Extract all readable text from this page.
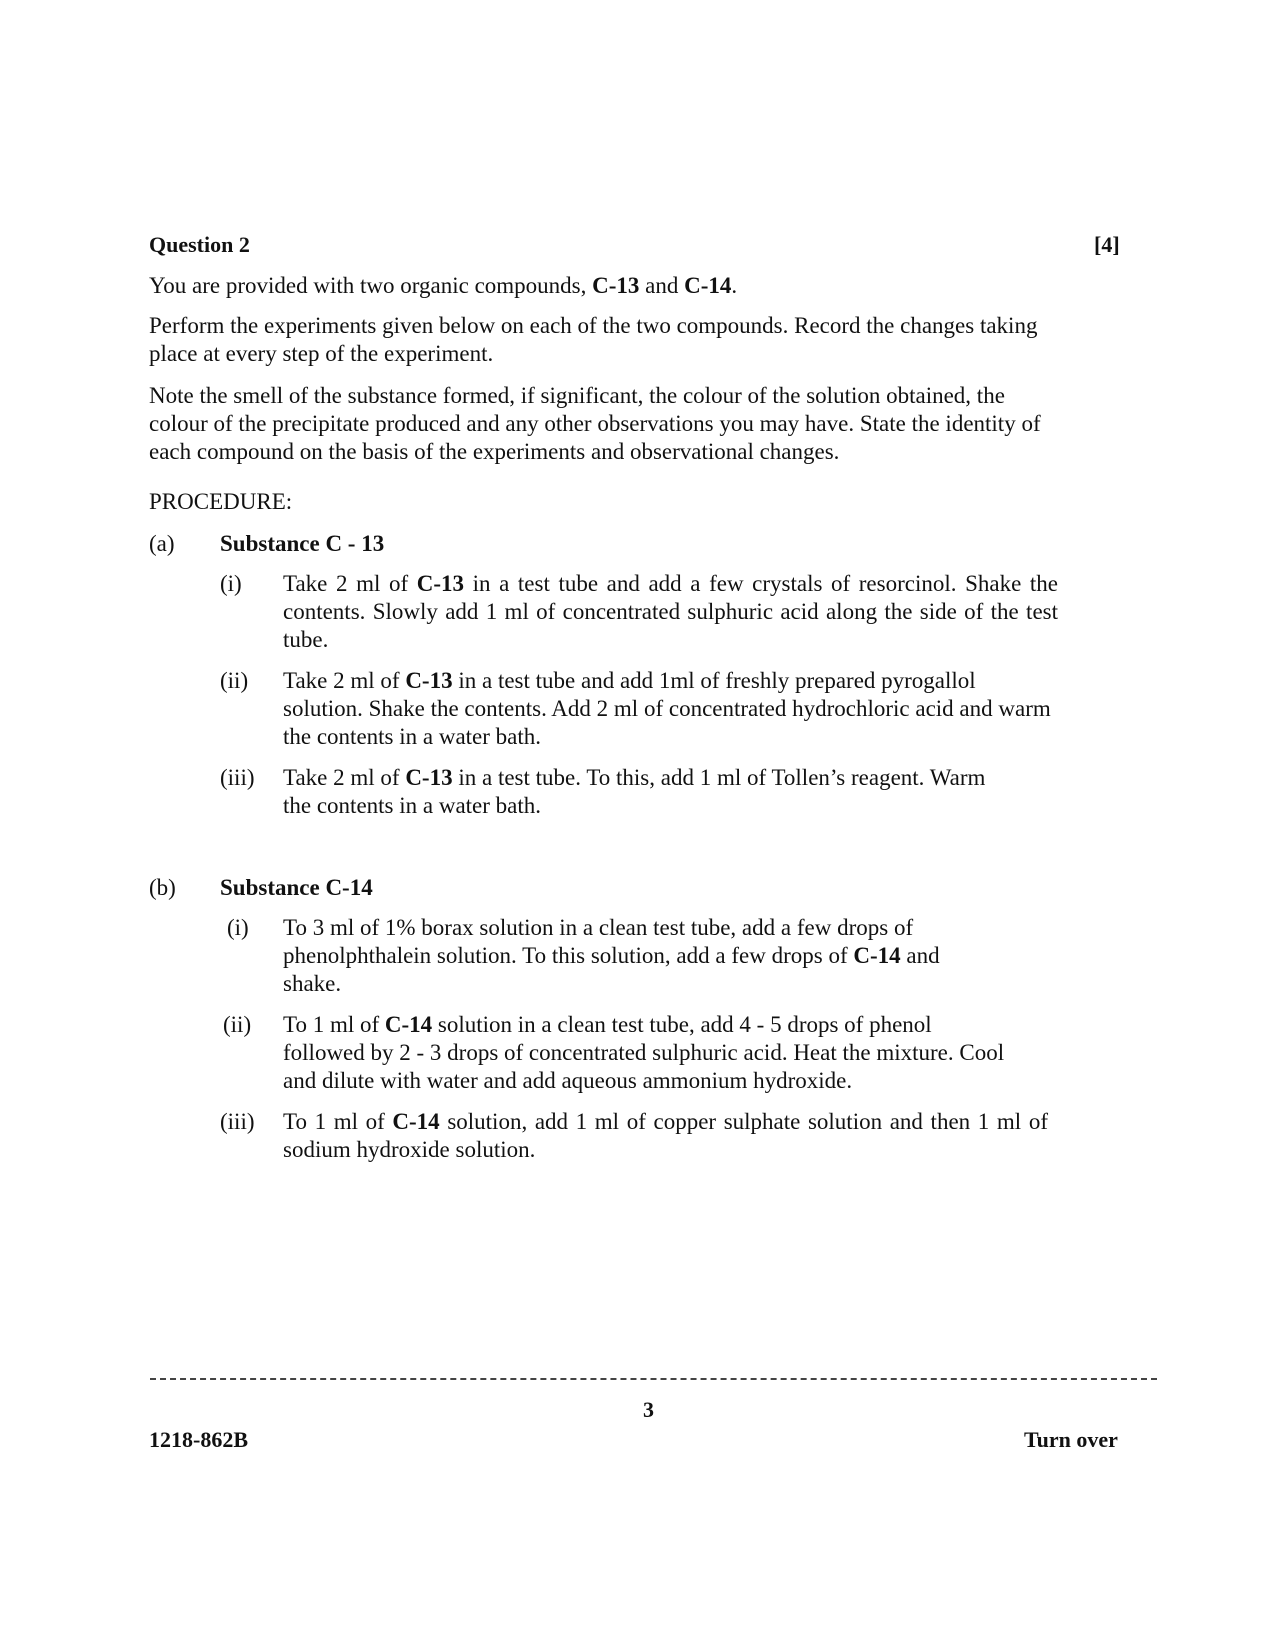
Question 2	[4]
You are provided with two organic compounds, C-13 and C-14.
Perform the experiments given below on each of the two compounds. Record the changes taking place at every step of the experiment.
Note the smell of the substance formed, if significant, the colour of the solution obtained, the colour of the precipitate produced and any other observations you may have. State the identity of each compound on the basis of the experiments and observational changes.
PROCEDURE:
(a) Substance C - 13
(i) Take 2 ml of C-13 in a test tube and add a few crystals of resorcinol. Shake the contents. Slowly add 1 ml of concentrated sulphuric acid along the side of the test tube.
(ii) Take 2 ml of C-13 in a test tube and add 1ml of freshly prepared pyrogallol solution. Shake the contents. Add 2 ml of concentrated hydrochloric acid and warm the contents in a water bath.
(iii) Take 2 ml of C-13 in a test tube. To this, add 1 ml of Tollen’s reagent. Warm the contents in a water bath.
(b) Substance C-14
(i) To 3 ml of 1% borax solution in a clean test tube, add a few drops of phenolphthalein solution. To this solution, add a few drops of C-14 and shake.
(ii) To 1 ml of C-14 solution in a clean test tube, add 4 - 5 drops of phenol followed by 2 - 3 drops of concentrated sulphuric acid. Heat the mixture. Cool and dilute with water and add aqueous ammonium hydroxide.
(iii) To 1 ml of C-14 solution, add 1 ml of copper sulphate solution and then 1 ml of sodium hydroxide solution.
3
1218-862B	Turn over
